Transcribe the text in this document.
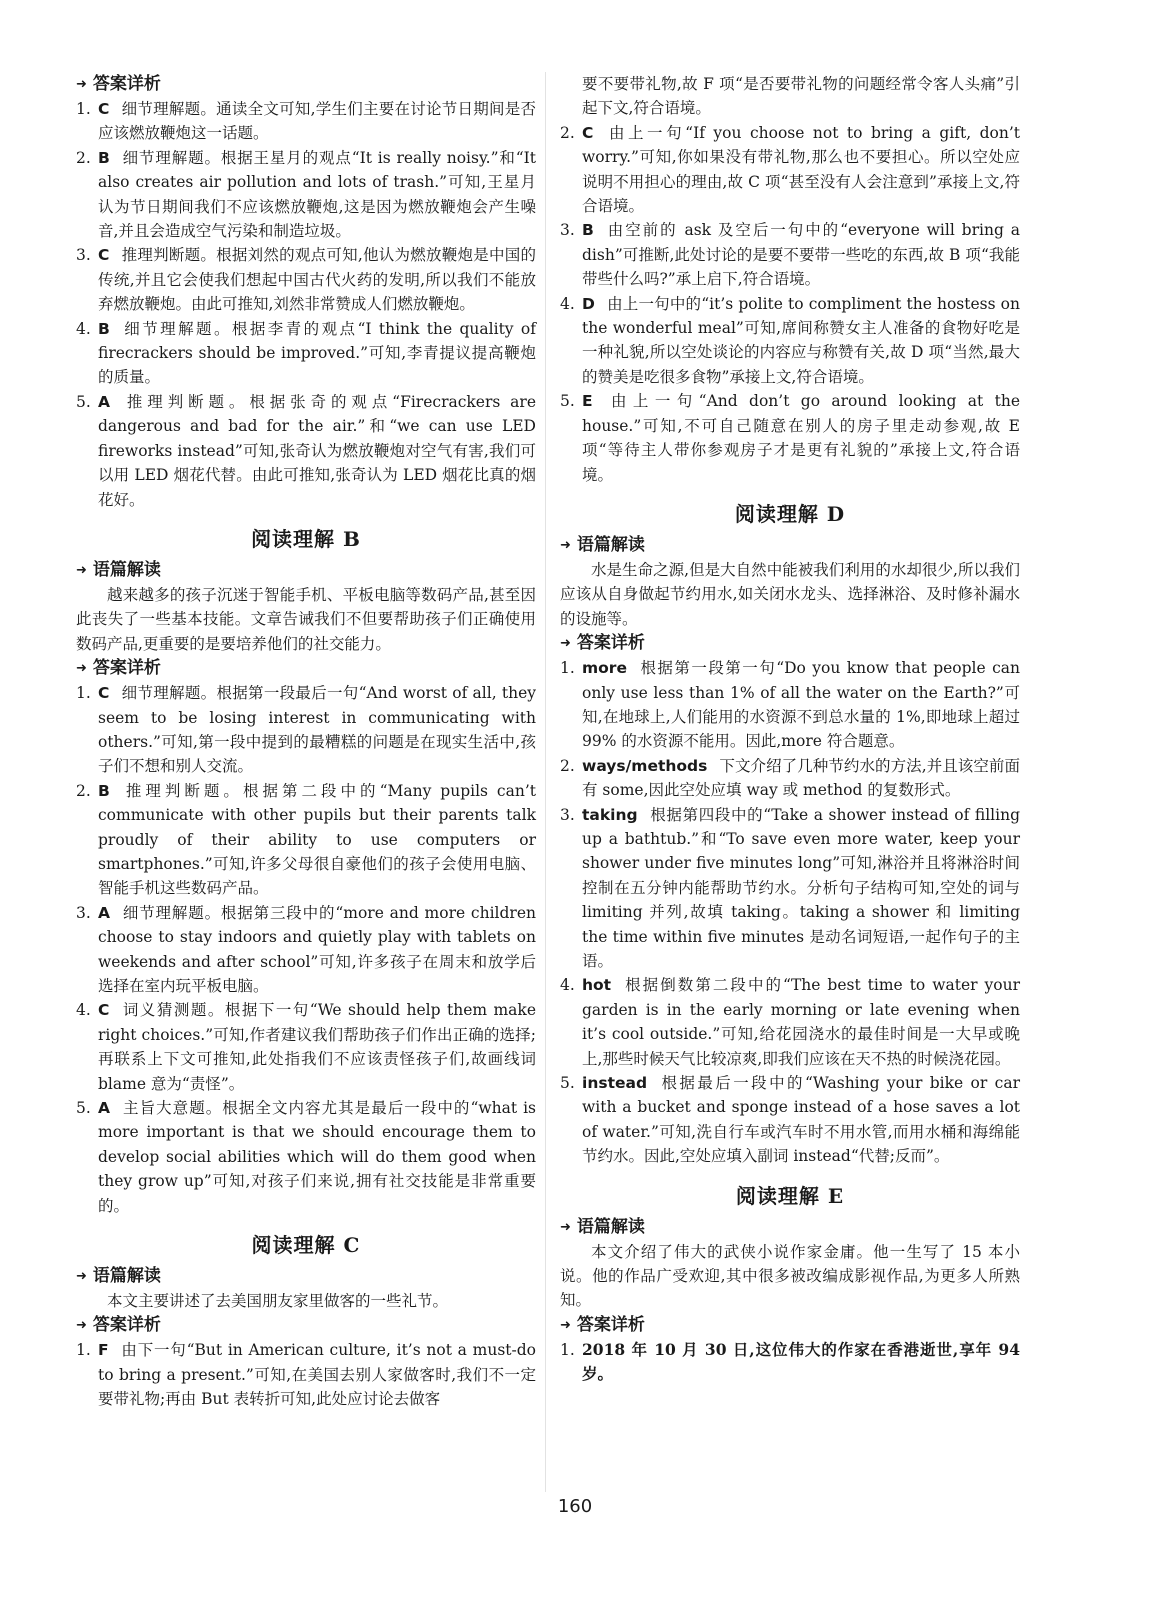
➜ 答案详析
1. C 细节理解题。通读全文可知,学生们主要在讨论节日期间是否应该燃放鞭炮这一话题。
2. B 细节理解题。根据王星月的观点“It is really noisy.”和“It also creates air pollution and lots of trash.”可知,王星月认为节日期间我们不应该燃放鞭炮,这是因为燃放鞭炮会产生噪音,并且会造成空气污染和制造垃圾。
3. C 推理判断题。根据刘然的观点可知,他认为燃放鞭炮是中国的传统,并且它会使我们想起中国古代火药的发明,所以我们不能放弃燃放鞭炮。由此可推知,刘然非常赞成人们燃放鞭炮。
4. B 细节理解题。根据李青的观点“I think the quality of firecrackers should be improved.”可知,李青提议提高鞭炮的质量。
5. A 推理判断题。根据张奇的观点“Firecrackers are dangerous and bad for the air.”和“we can use LED fireworks instead”可知,张奇认为燃放鞭炮对空气有害,我们可以用 LED 烟花代替。由此可推知,张奇认为 LED 烟花比真的烟花好。
阅读理解 B
➜ 语篇解读

越来越多的孩子沉迷于智能手机、平板电脑等数码产品,甚至因此丧失了一些基本技能。文章告诫我们不但要帮助孩子们正确使用数码产品,更重要的是要培养他们的社交能力。

➜ 答案详析
1. C 细节理解题。根据第一段最后一句“And worst of all, they seem to be losing interest in communicating with others.”可知,第一段中提到的最糟糕的问题是在现实生活中,孩子们不想和别人交流。
2. B 推理判断题。根据第二段中的“Many pupils can’t communicate with other pupils but their parents talk proudly of their ability to use computers or smartphones.”可知,许多父母很自豪他们的孩子会使用电脑、智能手机这些数码产品。
3. A 细节理解题。根据第三段中的“more and more children choose to stay indoors and quietly play with tablets on weekends and after school”可知,许多孩子在周末和放学后选择在室内玩平板电脑。
4. C 词义猜测题。根据下一句“We should help them make right choices.”可知,作者建议我们帮助孩子们作出正确的选择;再联系上下文可推知,此处指我们不应该责怪孩子们,故画线词 blame 意为“责怪”。
5. A 主旨大意题。根据全文内容尤其是最后一段中的“what is more important is that we should encourage them to develop social abilities which will do them good when they grow up”可知,对孩子们来说,拥有社交技能是非常重要的。
阅读理解 C
➜ 语篇解读

本文主要讲述了去美国朋友家里做客的一些礼节。

➜ 答案详析
1. F 由下一句“But in American culture, it’s not a must-do to bring a present.”可知,在美国去别人家做客时,我们不一定要带礼物;再由 But 表转折可知,此处应讨论去做客

要不要带礼物,故 F 项“是否要带礼物的问题经常令客人头痛”引起下文,符合语境。

2. C 由上一句“If you choose not to bring a gift, don’t worry.”可知,你如果没有带礼物,那么也不要担心。所以空处应说明不用担心的理由,故 C 项“甚至没有人会注意到”承接上文,符合语境。
3. B 由空前的 ask 及空后一句中的“everyone will bring a dish”可推断,此处讨论的是要不要带一些吃的东西,故 B 项“我能带些什么吗?”承上启下,符合语境。
4. D 由上一句中的“it’s polite to compliment the hostess on the wonderful meal”可知,席间称赞女主人准备的食物好吃是一种礼貌,所以空处谈论的内容应与称赞有关,故 D 项“当然,最大的赞美是吃很多食物”承接上文,符合语境。
5. E 由上一句“And don’t go around looking at the house.”可知,不可自己随意在别人的房子里走动参观,故 E 项“等待主人带你参观房子才是更有礼貌的”承接上文,符合语境。
阅读理解 D
➜ 语篇解读

水是生命之源,但是大自然中能被我们利用的水却很少,所以我们应该从自身做起节约用水,如关闭水龙头、选择淋浴、及时修补漏水的设施等。

➜ 答案详析
1. more 根据第一段第一句“Do you know that people can only use less than 1% of all the water on the Earth?”可知,在地球上,人们能用的水资源不到总水量的 1%,即地球上超过 99% 的水资源不能用。因此,more 符合题意。
2. ways/methods 下文介绍了几种节约水的方法,并且该空前面有 some,因此空处应填 way 或 method 的复数形式。
3. taking 根据第四段中的“Take a shower instead of filling up a bathtub.”和“To save even more water, keep your shower under five minutes long”可知,淋浴并且将淋浴时间控制在五分钟内能帮助节约水。分析句子结构可知,空处的词与 limiting 并列,故填 taking。taking a shower 和 limiting the time within five minutes 是动名词短语,一起作句子的主语。
4. hot 根据倒数第二段中的“The best time to water your garden is in the early morning or late evening when it’s cool outside.”可知,给花园浇水的最佳时间是一大早或晚上,那些时候天气比较凉爽,即我们应该在天不热的时候浇花园。
5. instead 根据最后一段中的“Washing your bike or car with a bucket and sponge instead of a hose saves a lot of water.”可知,洗自行车或汽车时不用水管,而用水桶和海绵能节约水。因此,空处应填入副词 instead“代替;反而”。
阅读理解 E
➜ 语篇解读

本文介绍了伟大的武侠小说作家金庸。他一生写了 15 本小说。他的作品广受欢迎,其中很多被改编成影视作品,为更多人所熟知。

➜ 答案详析
1. 2018 年 10 月 30 日,这位伟大的作家在香港逝世,享年 94 岁。
160
